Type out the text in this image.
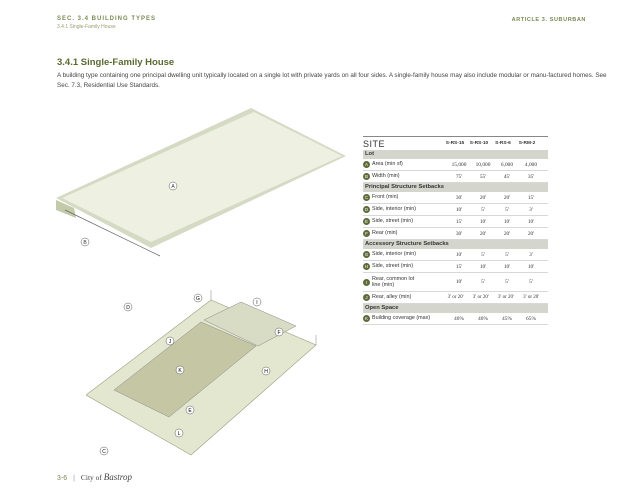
SEC. 3.4 BUILDING TYPES
3.4.1 Single-Family House
ARTICLE 3. SUBURBAN
3.4.1 Single-Family House
A building type containing one principal dwelling unit typically located on a single lot with private yards on all four sides. A single-family house may also include modular or manu-factured homes. See Sec. 7.3, Residential Use Standards.
A
B
G
C
D
I
J
F
K	H
L
E
SITE	S-RS-15	S-RS-10	S-RS-6	S-RM-2
Lot
A Area (min sf)	15,000	10,000	6,000	4,000
B Width (min)	75'	55'	45'	35'
Principal Structure Setbacks
C Front (min)	30'	20'	20'	15'
D Side, interior (min)	10'	5'	5'	3'
E Side, street (min)	15'	10'	10'	10'
F Rear (min)	30'	20'	20'	20'
Accessory Structure Setbacks
G Side, interior (min)	10'	5'	5'	3'
H Side, street (min)	15'	10'	10'	10'
I
Rear, common lot line (min)	10'	5'	5'	5'
J Rear, alley (min)	3' or 20'	3' or 20'	3' or 20'	3' or 20'
Open Space
K Building coverage (max)	40%	40%	45%	65%
3-6 | City of Bastrop
